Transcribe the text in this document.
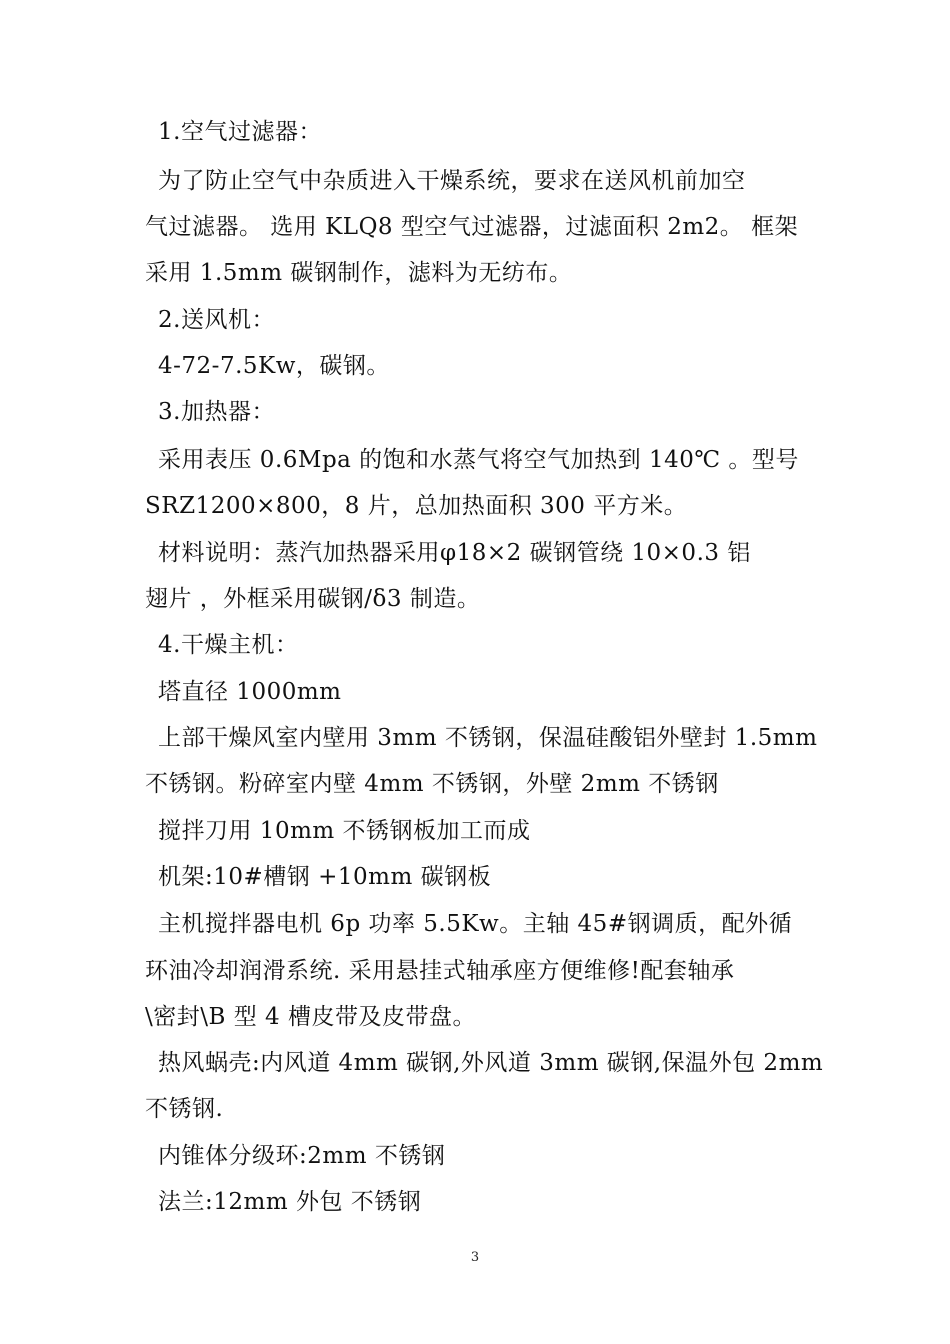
1.空气过滤器：
为了防止空气中杂质进入干燥系统，要求在送风机前加空
气过滤器。 选用 KLQ8 型空气过滤器，过滤面积 2m2。 框架
采用 1.5mm 碳钢制作，滤料为无纺布。
2.送风机：
4-72-7.5Kw，碳钢。
3.加热器：
采用表压 0.6Mpa 的饱和水蒸气将空气加热到 140℃ 。型号
SRZ1200×800，8 片，总加热面积 300 平方米。
材料说明：蒸汽加热器采用φ18×2 碳钢管绕 10×0.3 铝
翅片 ，外框采用碳钢/δ3 制造。
4.干燥主机：
塔直径 1000mm
上部干燥风室内壁用 3mm 不锈钢，保温硅酸铝外壁封 1.5mm
不锈钢。粉碎室内壁 4mm 不锈钢，外壁 2mm 不锈钢
搅拌刀用 10mm 不锈钢板加工而成
机架:10#槽钢 +10mm 碳钢板
主机搅拌器电机 6p 功率 5.5Kw。主轴 45#钢调质，配外循
环油冷却润滑系统. 采用悬挂式轴承座方便维修!配套轴承
\密封\B 型 4 槽皮带及皮带盘。
热风蜗壳:内风道 4mm 碳钢,外风道 3mm 碳钢,保温外包 2mm
不锈钢.
内锥体分级环:2mm 不锈钢
法兰:12mm 外包 不锈钢
3
